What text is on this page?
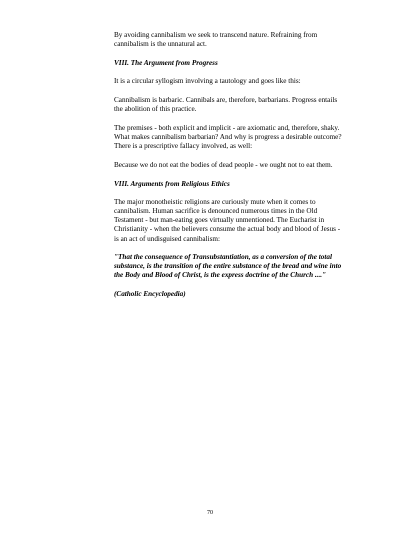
By avoiding cannibalism we seek to transcend nature. Refraining from cannibalism is the unnatural act.

VIII. The Argument from Progress

It is a circular syllogism involving a tautology and goes like this:

Cannibalism is barbaric. Cannibals are, therefore, barbarians. Progress entails the abolition of this practice.

The premises - both explicit and implicit - are axiomatic and, therefore, shaky. What makes cannibalism barbarian? And why is progress a desirable outcome? There is a prescriptive fallacy involved, as well:

Because we do not eat the bodies of dead people - we ought not to eat them.

VIII. Arguments from Religious Ethics

The major monotheistic religions are curiously mute when it comes to cannibalism. Human sacrifice is denounced numerous times in the Old Testament - but man-eating goes virtually unmentioned. The Eucharist in Christianity - when the believers consume the actual body and blood of Jesus - is an act of undisguised cannibalism:

"That the consequence of Transubstantiation, as a conversion of the total substance, is the transition of the entire substance of the bread and wine into the Body and Blood of Christ, is the express doctrine of the Church ...."

(Catholic Encyclopedia)

70
